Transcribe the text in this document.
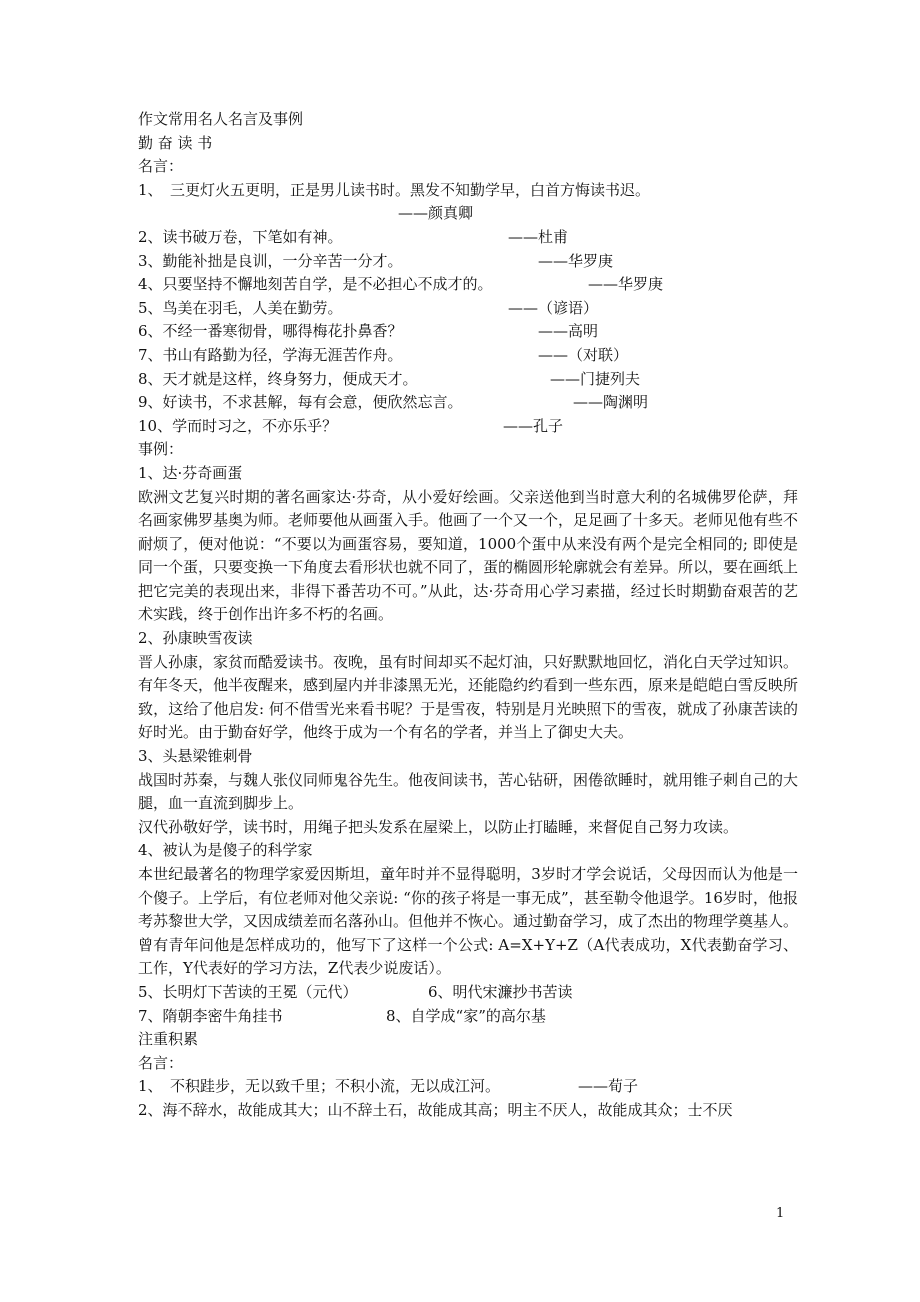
作文常用名人名言及事例
勤 奋 读 书
名言：
1、　三更灯火五更明，正是男儿读书时。黑发不知勤学早，白首方悔读书迟。
——颜真卿
2、读书破万卷，下笔如有神。	——杜甫
3、勤能补拙是良训，一分辛苦一分才。	——华罗庚
4、只要坚持不懈地刻苦自学，是不必担心不成才的。	——华罗庚
5、鸟美在羽毛，人美在勤劳。	——（谚语）
6、不经一番寒彻骨，哪得梅花扑鼻香？	——高明
7、书山有路勤为径，学海无涯苦作舟。	——（对联）
8、天才就是这样，终身努力，便成天才。	——门捷列夫
9、好读书，不求甚解，每有会意，便欣然忘言。	——陶渊明
10、学而时习之，不亦乐乎？	——孔子
事例：
1、达·芬奇画蛋
欧洲文艺复兴时期的著名画家达·芬奇，从小爱好绘画。父亲送他到当时意大利的名城佛罗伦萨，拜名画家佛罗基奥为师。老师要他从画蛋入手。他画了一个又一个，足足画了十多天。老师见他有些不耐烦了，便对他说：“不要以为画蛋容易，要知道，1000个蛋中从来没有两个是完全相同的; 即使是同一个蛋，只要变换一下角度去看形状也就不同了，蛋的椭圆形轮廓就会有差异。所以，要在画纸上把它完美的表现出来，非得下番苦功不可。”从此，达·芬奇用心学习素描，经过长时期勤奋艰苦的艺术实践，终于创作出许多不朽的名画。
2、孙康映雪夜读
晋人孙康，家贫而酷爱读书。夜晚，虽有时间却买不起灯油，只好默默地回忆，消化白天学过知识。有年冬天，他半夜醒来，感到屋内并非漆黑无光，还能隐约约看到一些东西，原来是皑皑白雪反映所致，这给了他启发: 何不借雪光来看书呢？于是雪夜，特别是月光映照下的雪夜，就成了孙康苦读的好时光。由于勤奋好学，他终于成为一个有名的学者，并当上了御史大夫。
3、头悬梁锥刺骨
战国时苏秦，与魏人张仪同师鬼谷先生。他夜间读书，苦心钻研，困倦欲睡时，就用锥子刺自己的大腿，血一直流到脚步上。
汉代孙敬好学，读书时，用绳子把头发系在屋梁上，以防止打瞌睡，来督促自己努力攻读。
4、被认为是傻子的科学家
本世纪最著名的物理学家爱因斯坦，童年时并不显得聪明，3岁时才学会说话，父母因而认为他是一个傻子。上学后，有位老师对他父亲说: “你的孩子将是一事无成”，甚至勒令他退学。16岁时，他报考苏黎世大学，又因成绩差而名落孙山。但他并不恢心。通过勤奋学习，成了杰出的物理学奠基人。曾有青年问他是怎样成功的，他写下了这样一个公式: A=X+Y+Z（A代表成功，X代表勤奋学习、工作，Y代表好的学习方法，Z代表少说废话）。
5、长明灯下苦读的王冕（元代）	6、明代宋濂抄书苦读
7、隋朝李密牛角挂书	8、自学成“家”的高尔基
注重积累
名言：
1、　不积跬步，无以致千里；不积小流，无以成江河。	——荀子
2、海不辞水，故能成其大；山不辞土石，故能成其高；明主不厌人，故能成其众；士不厌
1
